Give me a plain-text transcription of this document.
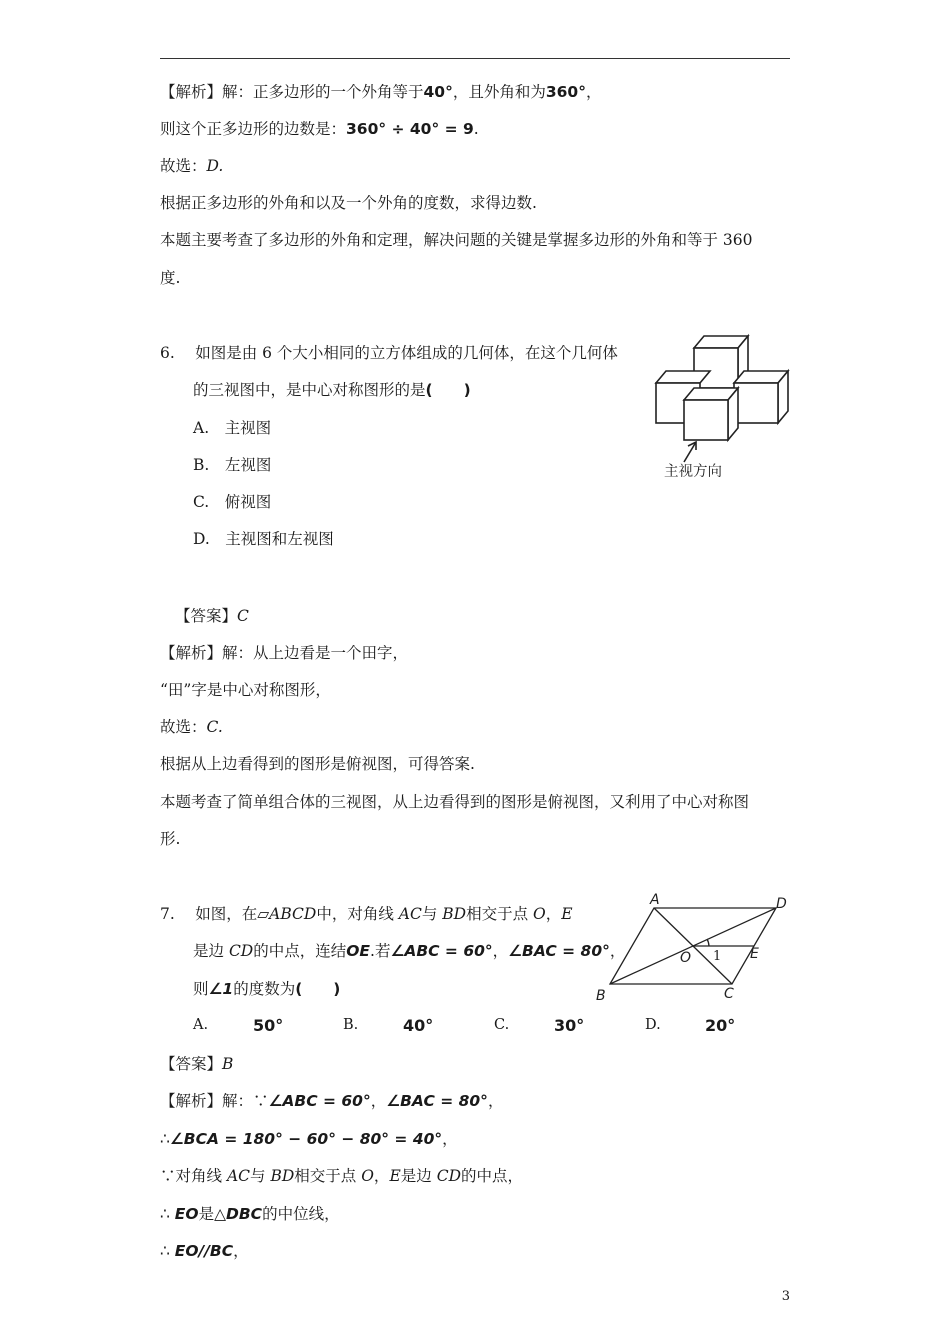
【解析】解：正多边形的一个外角等于40°，且外角和为360°，
则这个正多边形的边数是：360° ÷ 40° = 9.
故选：D.
根据正多边形的外角和以及一个外角的度数，求得边数.
本题主要考查了多边形的外角和定理，解决问题的关键是掌握多边形的外角和等于 360
度.
6.　 如图是由 6 个大小相同的立方体组成的几何体，在这个几何体
的三视图中，是中心对称图形的是(　　)
A.　主视图
B.　左视图
C.　俯视图
D.　主视图和左视图
主视方向
【答案】C
【解析】解：从上边看是一个田字，
“田”字是中心对称图形，
故选：C.
根据从上边看得到的图形是俯视图，可得答案.
本题考查了简单组合体的三视图，从上边看得到的图形是俯视图，又利用了中心对称图
形.
7.　 如图，在▱ABCD中，对角线 AC与 BD相交于点 O，E
是边 CD的中点，连结OE.若∠ABC = 60°，∠BAC = 80°，
则∠1的度数为(　　)
A	D
B	C
O	E
1
A.	50°	B.	40°	C.	30°	D.	20°
【答案】B
【解析】解：∵∠ABC = 60°，∠BAC = 80°，
∴∠BCA = 180° − 60° − 80° = 40°，
∵对角线 AC与 BD相交于点 O，E是边 CD的中点，
∴ EO是△DBC的中位线，
∴ EO//BC，
3
